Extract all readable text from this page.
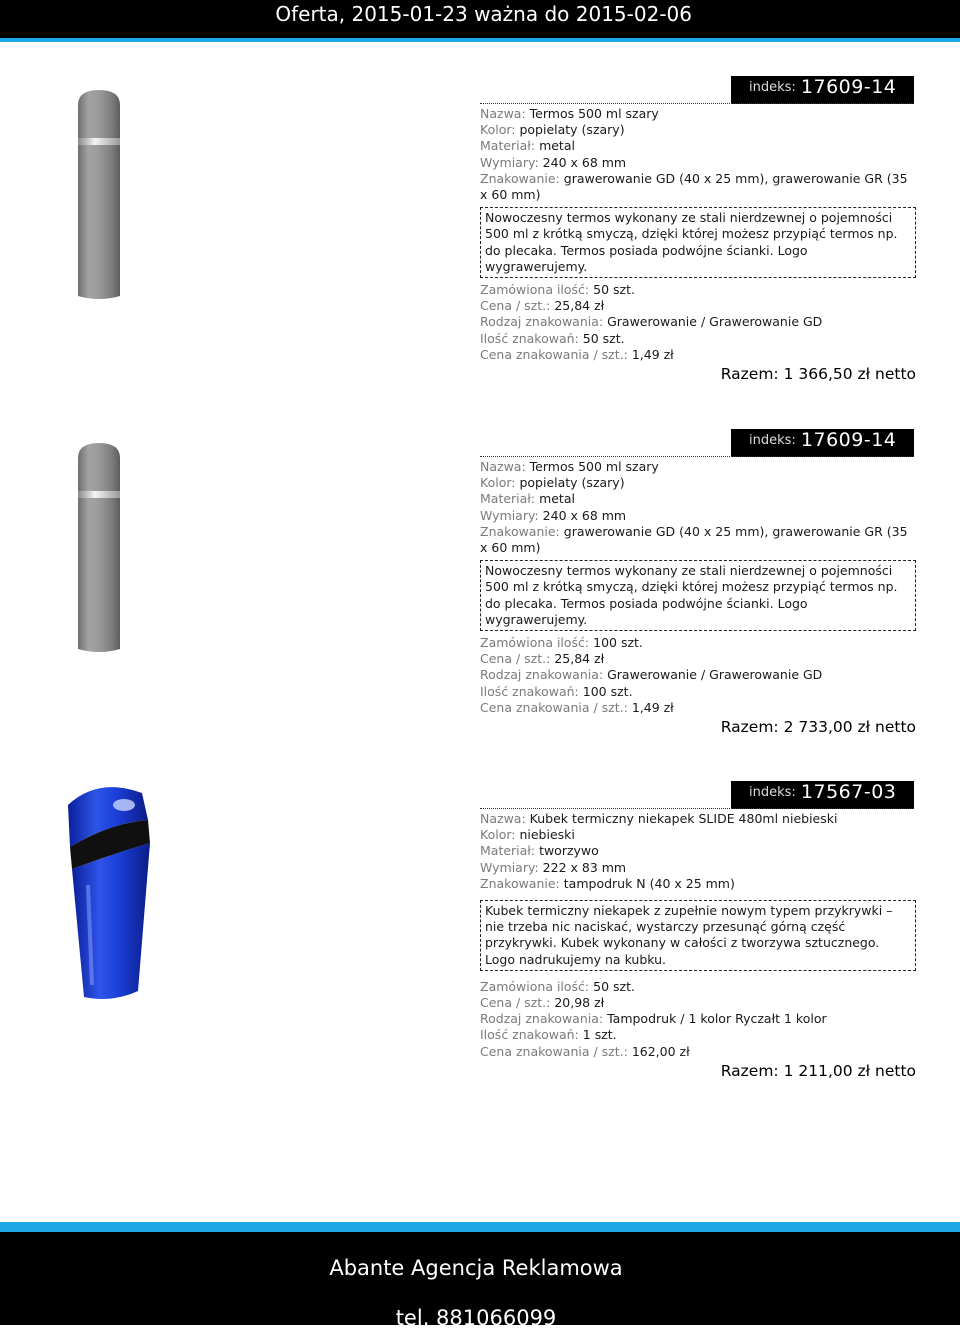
Oferta, 2015-01-23 ważna do 2015-02-06
indeks: 17609-14
Nazwa: Termos 500 ml szary
Kolor: popielaty (szary)
Materiał: metal
Wymiary: 240 x 68 mm
Znakowanie: grawerowanie GD (40 x 25 mm), grawerowanie GR (35 x 60 mm)
Nowoczesny termos wykonany ze stali nierdzewnej o pojemności 500 ml z krótką smyczą, dzięki której możesz przypiąć termos np. do plecaka. Termos posiada podwójne ścianki. Logo wygrawerujemy.
Zamówiona ilość: 50 szt.
Cena / szt.: 25,84 zł
Rodzaj znakowania: Grawerowanie / Grawerowanie GD
Ilość znakowań: 50 szt.
Cena znakowania / szt.: 1,49 zł
Razem: 1 366,50 zł netto
indeks: 17609-14
Nazwa: Termos 500 ml szary
Kolor: popielaty (szary)
Materiał: metal
Wymiary: 240 x 68 mm
Znakowanie: grawerowanie GD (40 x 25 mm), grawerowanie GR (35 x 60 mm)
Nowoczesny termos wykonany ze stali nierdzewnej o pojemności 500 ml z krótką smyczą, dzięki której możesz przypiąć termos np. do plecaka. Termos posiada podwójne ścianki. Logo wygrawerujemy.
Zamówiona ilość: 100 szt.
Cena / szt.: 25,84 zł
Rodzaj znakowania: Grawerowanie / Grawerowanie GD
Ilość znakowań: 100 szt.
Cena znakowania / szt.: 1,49 zł
Razem: 2 733,00 zł netto
indeks: 17567-03
Nazwa: Kubek termiczny niekapek SLIDE 480ml niebieski
Kolor: niebieski
Materiał: tworzywo
Wymiary: 222 x 83 mm
Znakowanie: tampodruk N (40 x 25 mm)
Kubek termiczny niekapek z zupełnie nowym typem przykrywki – nie trzeba nic naciskać, wystarczy przesunąć górną część przykrywki. Kubek wykonany w całości z tworzywa sztucznego. Logo nadrukujemy na kubku.
Zamówiona ilość: 50 szt.
Cena / szt.: 20,98 zł
Rodzaj znakowania: Tampodruk / 1 kolor Ryczałt 1 kolor
Ilość znakowań: 1 szt.
Cena znakowania / szt.: 162,00 zł
Razem: 1 211,00 zł netto
Abante Agencja Reklamowa
tel. 881066099
